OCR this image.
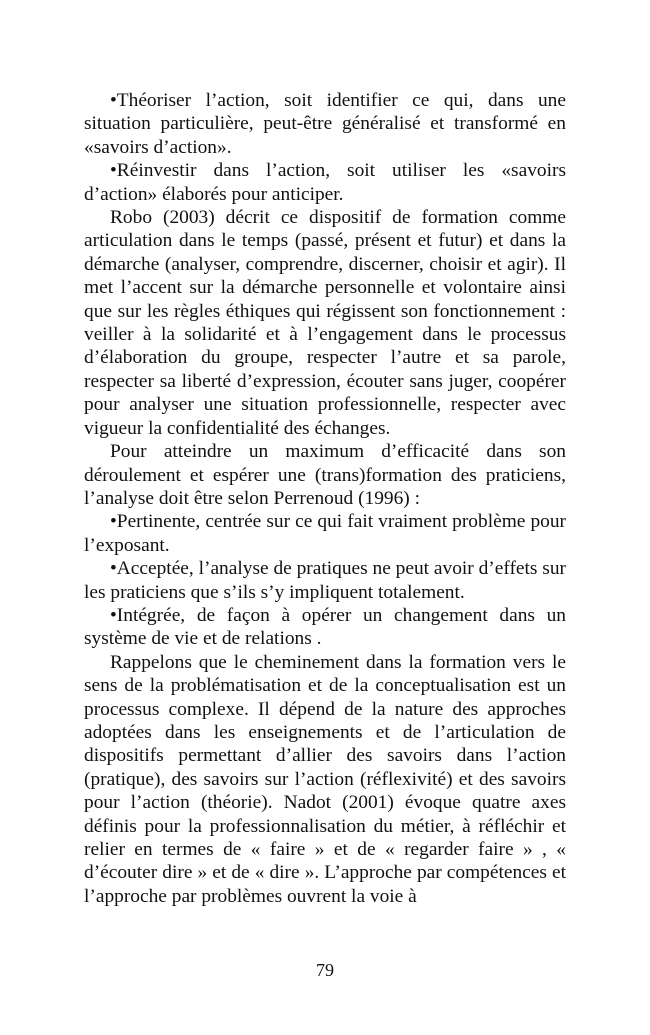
•Théoriser l’action, soit identifier ce qui, dans une situation particulière, peut-être généralisé et transformé en «savoirs d’action».

•Réinvestir dans l’action, soit utiliser les «savoirs d’action» élaborés pour anticiper.

Robo (2003) décrit ce dispositif de formation comme articulation dans le temps (passé, présent et futur) et dans la démarche (analyser, comprendre, discerner, choisir et agir). Il met l’accent sur la démarche personnelle et volontaire ainsi que sur les règles éthiques qui régissent son fonctionnement : veiller à la solidarité et à l’engagement dans le processus d’élaboration du groupe, respecter l’autre et sa parole, respecter sa liberté d’expression, écouter sans juger, coopérer pour analyser une situation professionnelle, respecter avec vigueur la confidentialité des échanges.

Pour atteindre un maximum d’efficacité dans son déroulement et espérer une (trans)formation des praticiens, l’analyse doit être selon Perrenoud (1996) :

•Pertinente, centrée sur ce qui fait vraiment problème pour l’exposant.

•Acceptée, l’analyse de pratiques ne peut avoir d’effets sur les praticiens que s’ils s’y impliquent totalement.

•Intégrée, de façon à opérer un changement dans un système de vie et de relations .

Rappelons que le cheminement dans la formation vers le sens de la problématisation et de la conceptualisation est un processus complexe. Il dépend de la nature des approches adoptées dans les enseignements et de l’articulation de dispositifs permettant d’allier des savoirs dans l’action (pratique), des savoirs sur l’action (réflexivité) et des savoirs pour l’action (théorie). Nadot (2001) évoque quatre axes définis pour la professionnalisation du métier, à réfléchir et relier en termes de « faire » et de « regarder faire » , « d’écouter dire » et de « dire ». L’approche par compétences et l’approche par problèmes ouvrent la voie à

79
